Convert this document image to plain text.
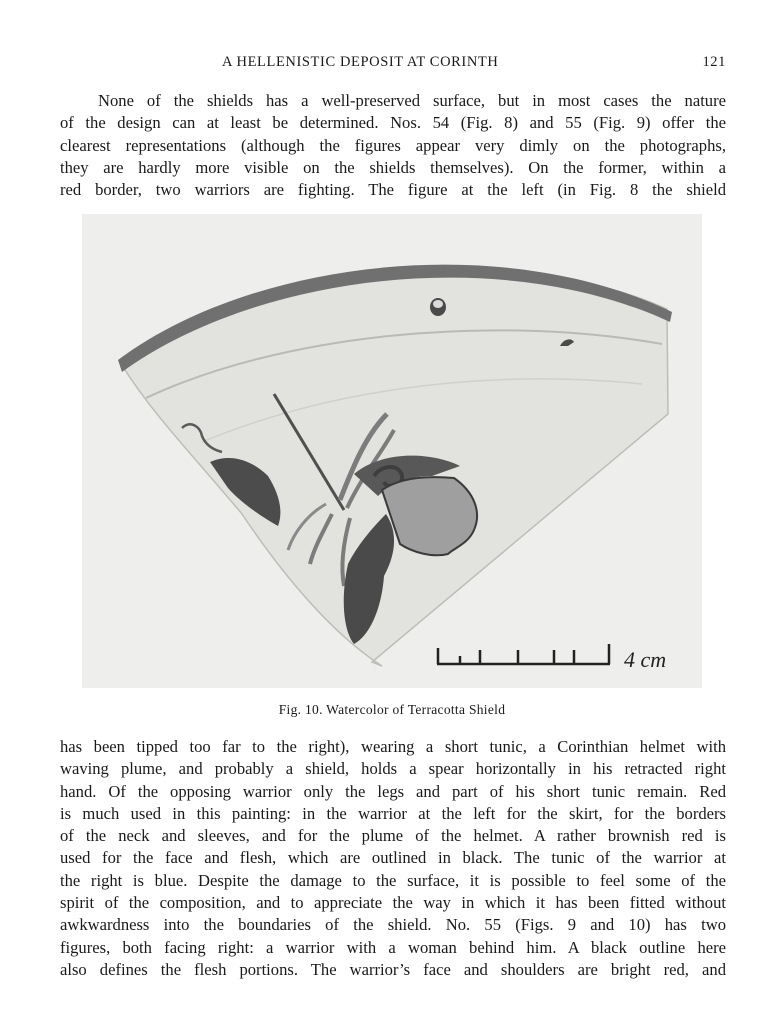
A HELLENISTIC DEPOSIT AT CORINTH	121
None of the shields has a well-preserved surface, but in most cases the nature
of the design can at least be determined. Nos. 54 (Fig. 8) and 55 (Fig. 9) offer the
clearest representations (although the figures appear very dimly on the photographs,
they are hardly more visible on the shields themselves). On the former, within a
red border, two warriors are fighting. The figure at the left (in Fig. 8 the shield
4 cm
Fig. 10. Watercolor of Terracotta Shield
has been tipped too far to the right), wearing a short tunic, a Corinthian helmet with
waving plume, and probably a shield, holds a spear horizontally in his retracted right
hand. Of the opposing warrior only the legs and part of his short tunic remain. Red
is much used in this painting: in the warrior at the left for the skirt, for the borders
of the neck and sleeves, and for the plume of the helmet. A rather brownish red is
used for the face and flesh, which are outlined in black. The tunic of the warrior at
the right is blue. Despite the damage to the surface, it is possible to feel some of the
spirit of the composition, and to appreciate the way in which it has been fitted without
awkwardness into the boundaries of the shield. No. 55 (Figs. 9 and 10) has two
figures, both facing right: a warrior with a woman behind him. A black outline here
also defines the flesh portions. The warrior’s face and shoulders are bright red, and
